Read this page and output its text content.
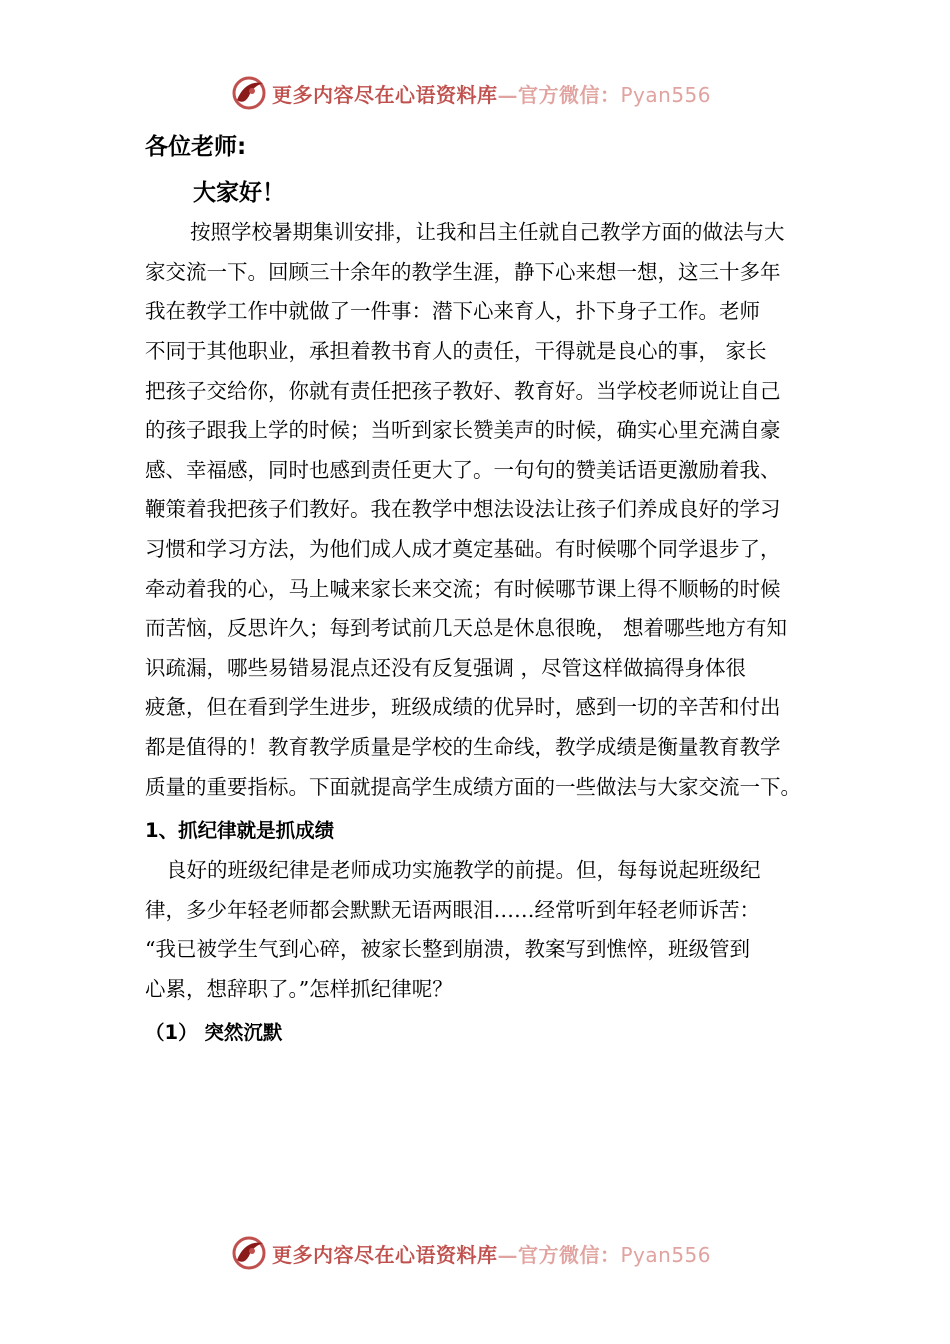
更多内容尽在心语资料库—官方微信：Pyan556
各位老师:
大家好！
按照学校暑期集训安排，让我和吕主任就自己教学方面的做法与大
家交流一下。回顾三十余年的教学生涯，静下心来想一想，这三十多年
我在教学工作中就做了一件事：潜下心来育人，扑下身子工作。老师
不同于其他职业，承担着教书育人的责任，干得就是良心的事， 家长
把孩子交给你，你就有责任把孩子教好、教育好。当学校老师说让自己
的孩子跟我上学的时候；当听到家长赞美声的时候，确实心里充满自豪
感、幸福感，同时也感到责任更大了。一句句的赞美话语更激励着我、
鞭策着我把孩子们教好。我在教学中想法设法让孩子们养成良好的学习
习惯和学习方法，为他们成人成才奠定基础。有时候哪个同学退步了，
牵动着我的心，马上喊来家长来交流；有时候哪节课上得不顺畅的时候
而苦恼，反思许久；每到考试前几天总是休息很晚， 想着哪些地方有知
识疏漏，哪些易错易混点还没有反复强调 ，尽管这样做搞得身体很
疲惫，但在看到学生进步，班级成绩的优异时，感到一切的辛苦和付出
都是值得的！教育教学质量是学校的生命线，教学成绩是衡量教育教学
质量的重要指标。下面就提高学生成绩方面的一些做法与大家交流一下。
1、抓纪律就是抓成绩
良好的班级纪律是老师成功实施教学的前提。但，每每说起班级纪
律，多少年轻老师都会默默无语两眼泪……经常听到年轻老师诉苦：
“我已被学生气到心碎，被家长整到崩溃，教案写到憔悴，班级管到
心累，想辞职了。”怎样抓纪律呢？
（1） 突然沉默
更多内容尽在心语资料库—官方微信：Pyan556
